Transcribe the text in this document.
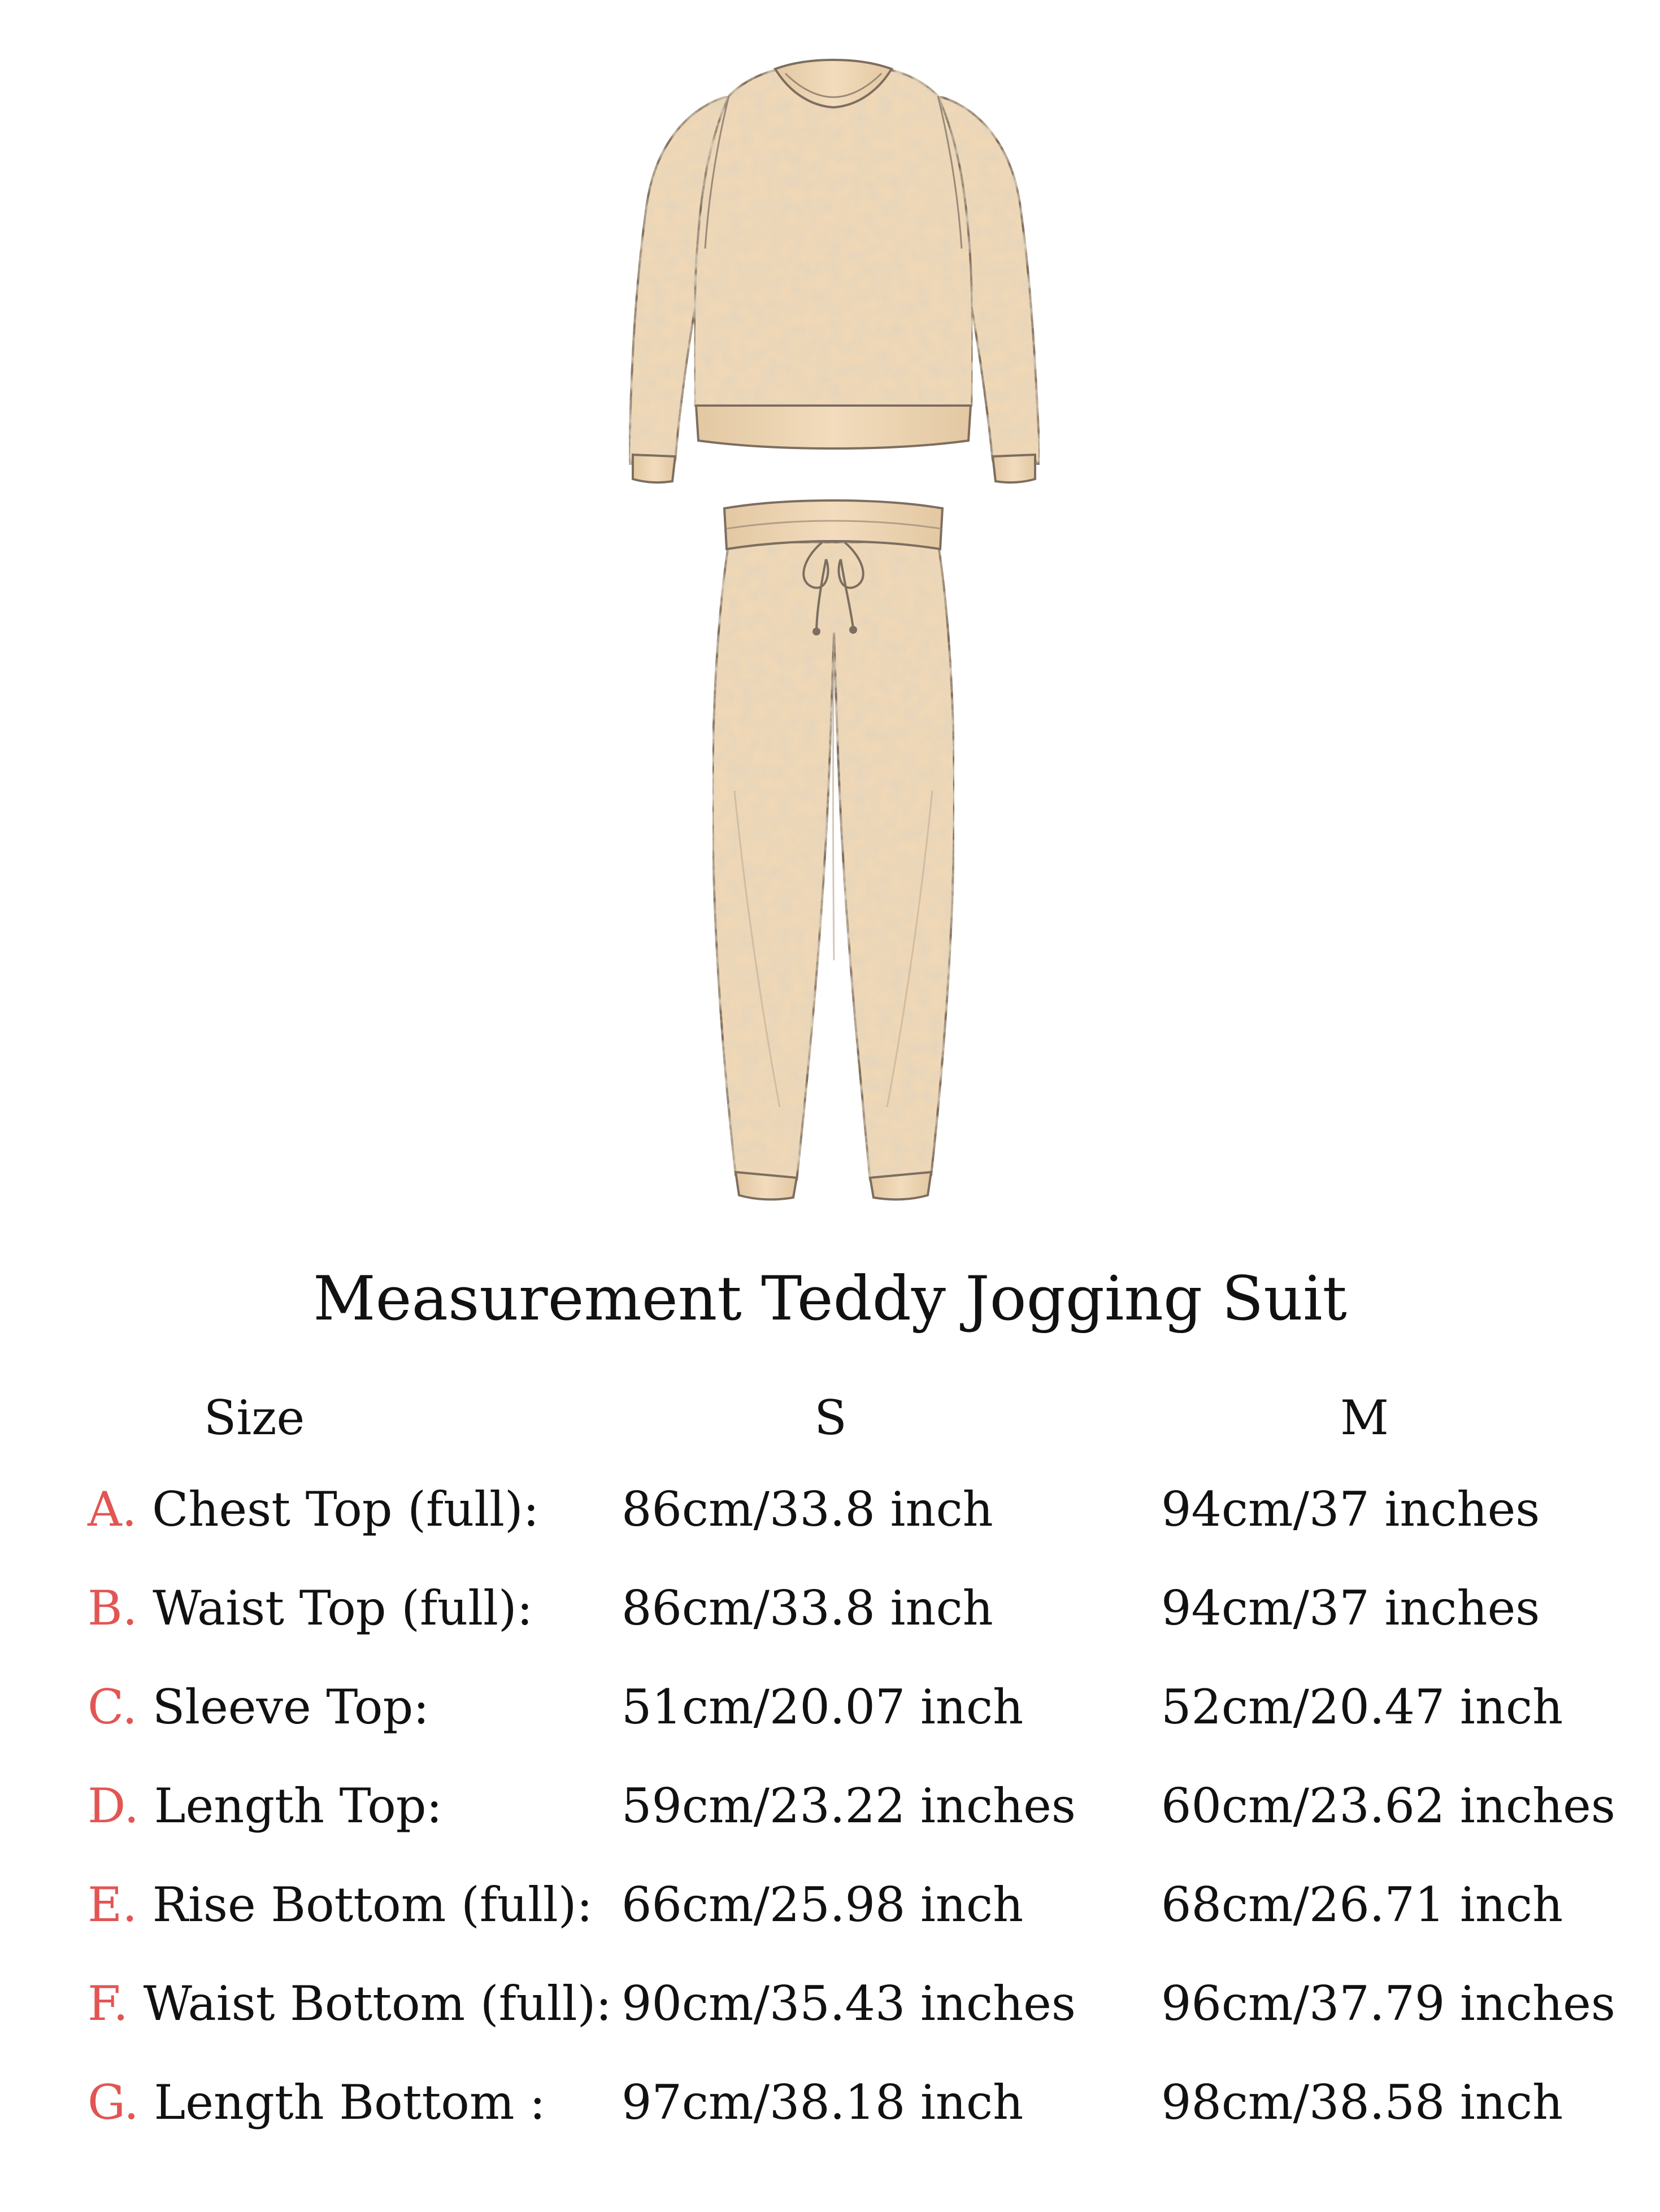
Measurement Teddy Jogging Suit
Size	S	M
A. Chest Top (full): 86cm/33.8 inch	94cm/37 inches
B. Waist Top (full): 86cm/33.8 inch	94cm/37 inches
C. Sleeve Top:	51cm/20.07 inch	52cm/20.47 inch
D. Length Top:	59cm/23.22 inches 60cm/23.62 inches
E. Rise Bottom (full): 66cm/25.98 inch	68cm/26.71 inch
F. Waist Bottom (full): 90cm/35.43 inches 96cm/37.79 inches
G. Length Bottom : 97cm/38.18 inch	98cm/38.58 inch
